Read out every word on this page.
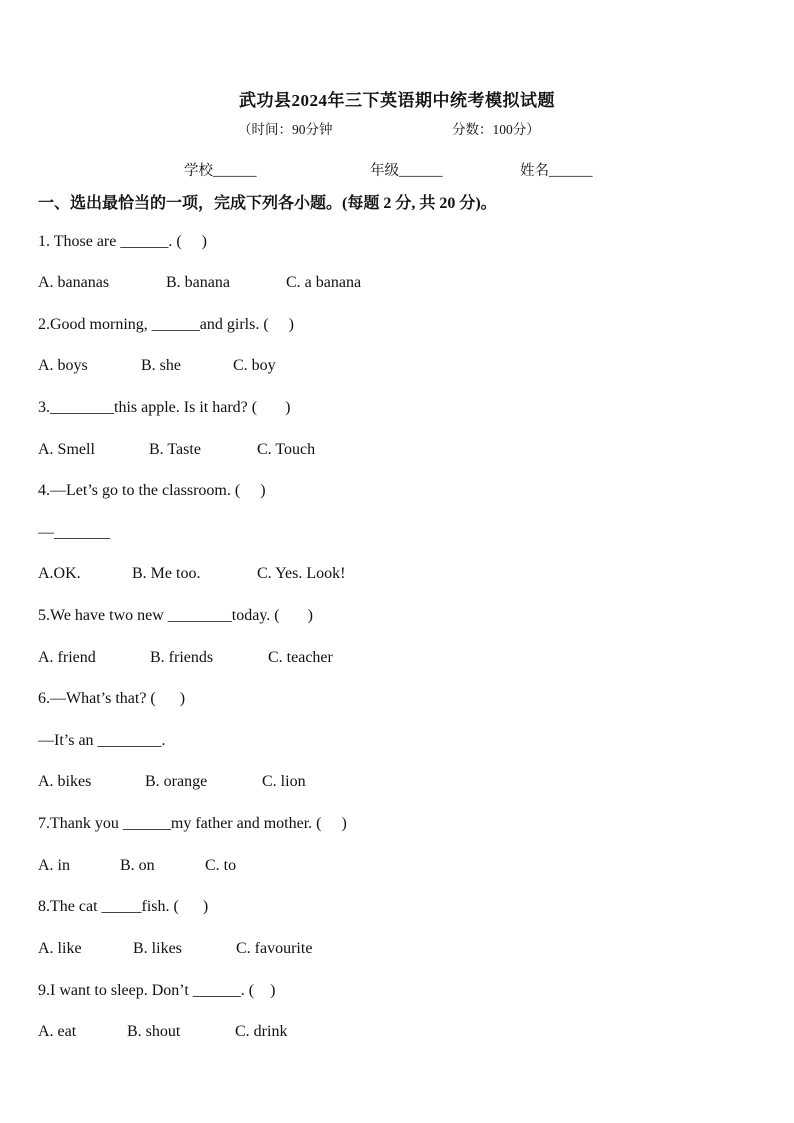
武功县2024年三下英语期中统考模拟试题
（时间：90分钟	分数：100分）
学校______	年级______	姓名______
一、选出最恰当的一项，完成下列各小题。(每题 2 分, 共 20 分)。
1. Those are ______. (     )
A. bananas	B. banana	C. a banana
2.Good morning, ______and girls. (     )
A. boys	B. she	C. boy
3.________this apple. Is it hard? (       )
A. Smell	B. Taste	C. Touch
4.—Let’s go to the classroom. (     )
—_______
A.OK.	B. Me too.	C. Yes. Look!
5.We have two new ________today. (       )
A. friend	B. friends	C. teacher
6.—What’s that? (      )
—It’s an ________.
A. bikes	B. orange	C. lion
7.Thank you ______my father and mother. (     )
A. in	B. on	C. to
8.The cat _____fish. (      )
A. like	B. likes	C. favourite
9.I want to sleep. Don’t ______. (    )
A. eat	B. shout	C. drink
